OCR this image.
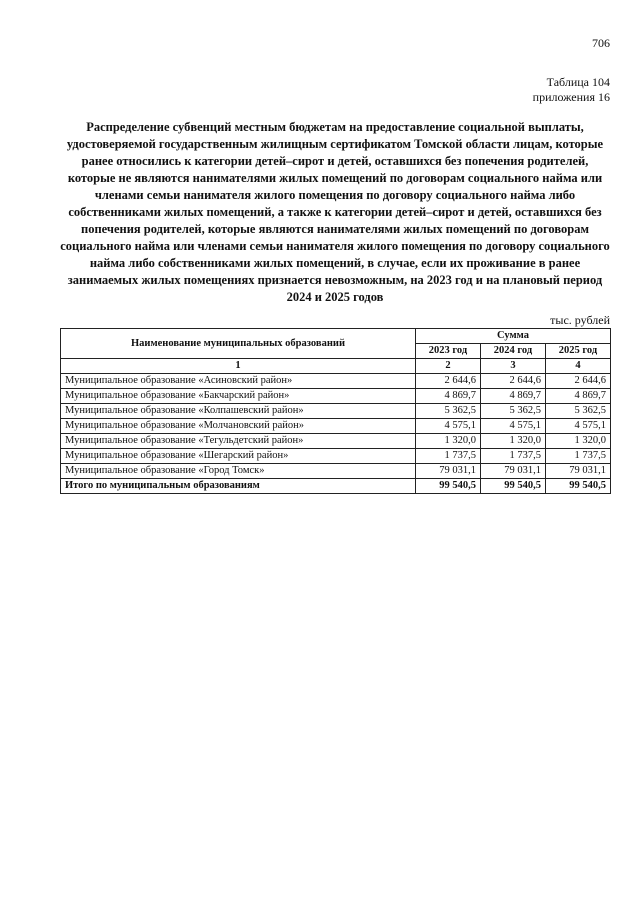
706
Таблица 104
приложения 16
Распределение субвенций местным бюджетам на предоставление социальной выплаты, удостоверяемой государственным жилищным сертификатом Томской области лицам, которые ранее относились к категории детей–сирот и детей, оставшихся без попечения родителей, которые не являются нанимателями жилых помещений по договорам социального найма или членами семьи нанимателя жилого помещения по договору социального найма либо собственниками жилых помещений, а также к категории детей–сирот и детей, оставшихся без попечения родителей, которые являются нанимателями жилых помещений по договорам социального найма или членами семьи нанимателя жилого помещения по договору социального найма либо собственниками жилых помещений, в случае, если их проживание в ранее занимаемых жилых помещениях признается невозможным, на 2023 год и на плановый период 2024 и 2025 годов
тыс. рублей
Наименование муниципальных образований	Сумма		
	2023 год	2024 год	2025 год
1	2	3	4
Муниципальное образование «Асиновский район»	2 644,6	2 644,6	2 644,6
Муниципальное образование «Бакчарский район»	4 869,7	4 869,7	4 869,7
Муниципальное образование «Колпашевский район»	5 362,5	5 362,5	5 362,5
Муниципальное образование «Молчановский район»	4 575,1	4 575,1	4 575,1
Муниципальное образование «Тегульдетский район»	1 320,0	1 320,0	1 320,0
Муниципальное образование «Шегарский район»	1 737,5	1 737,5	1 737,5
Муниципальное образование «Город Томск»	79 031,1	79 031,1	79 031,1
Итого по муниципальным образованиям	99 540,5	99 540,5	99 540,5
